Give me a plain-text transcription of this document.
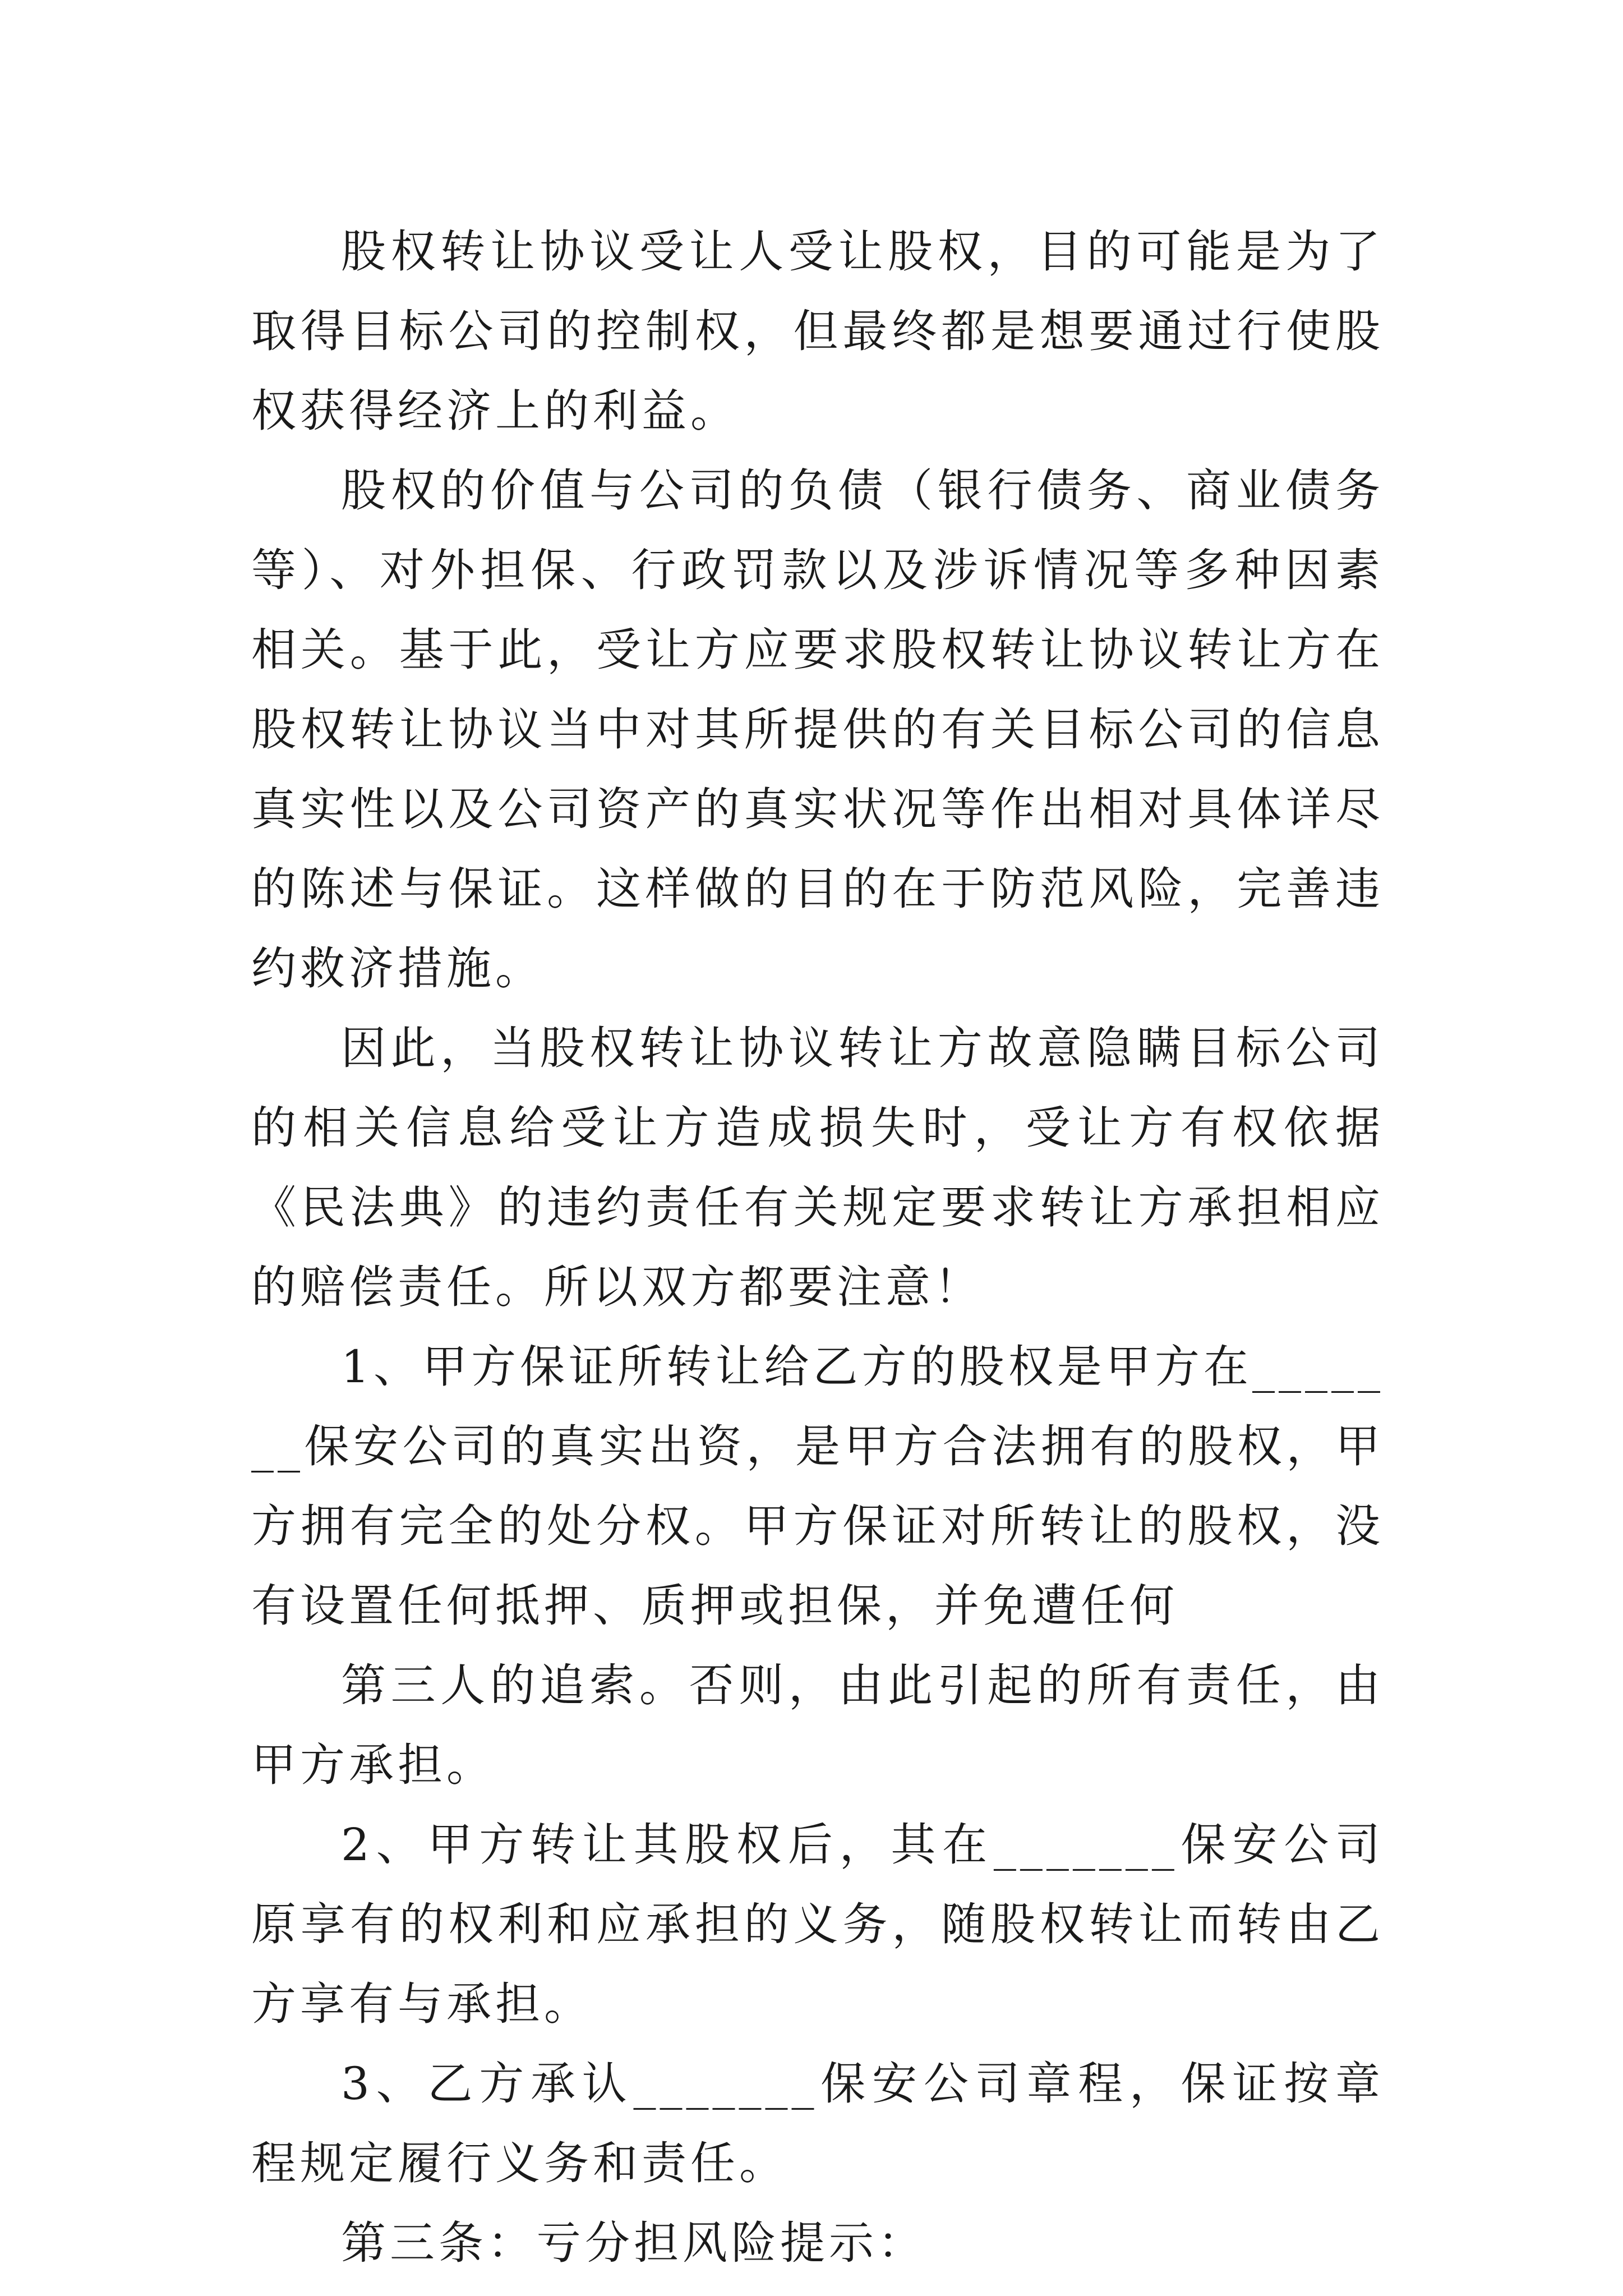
股权转让协议受让人受让股权，目的可能是为了取得目标公司的控制权，但最终都是想要通过行使股权获得经济上的利益。

股权的价值与公司的负债（银行债务、商业债务等）、对外担保、行政罚款以及涉诉情况等多种因素相关。基于此，受让方应要求股权转让协议转让方在股权转让协议当中对其所提供的有关目标公司的信息真实性以及公司资产的真实状况等作出相对具体详尽的陈述与保证。这样做的目的在于防范风险，完善违约救济措施。

因此，当股权转让协议转让方故意隐瞒目标公司的相关信息给受让方造成损失时，受让方有权依据《民法典》的违约责任有关规定要求转让方承担相应的赔偿责任。所以双方都要注意！

1、甲方保证所转让给乙方的股权是甲方在_______保安公司的真实出资，是甲方合法拥有的股权，甲方拥有完全的处分权。甲方保证对所转让的股权，没有设置任何抵押、质押或担保，并免遭任何

第三人的追索。否则，由此引起的所有责任，由甲方承担。

2、甲方转让其股权后，其在_______保安公司原享有的权利和应承担的义务，随股权转让而转由乙方享有与承担。

3、乙方承认_______保安公司章程，保证按章程规定履行义务和责任。

第三条：亏分担风险提示：
